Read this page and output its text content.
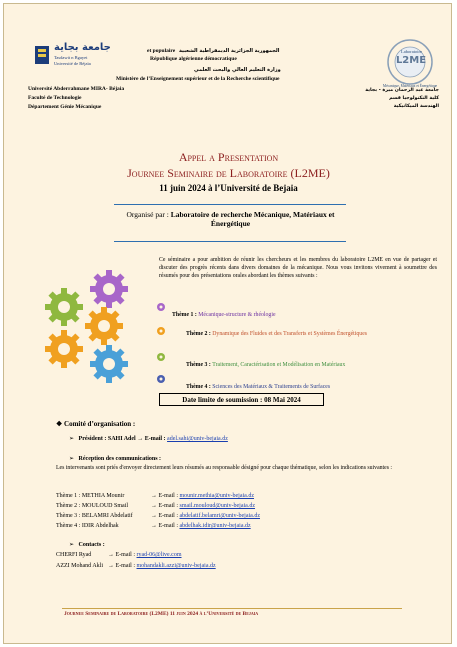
جامعة بجاية
Tasdawit n Bgayet
Université de Béjaïa
الجمهورية الجزائرية الديمقراطية الشعبية
et populaire
République algérienne démocratique
وزارة التعليم العالي والبحث العلمي
Ministère de l’Enseignement supérieur et de la Recherche scientifique
Université Abderrahmane MIRA- Béjaia
Faculté de Technologie
Département Génie Mécanique
جامعة عبد الرحمان ميرة - بجاية
كلية التكنولوجيا قسم
الهندسة الميكانيكية
Laboratoire
L2ME
Mécanique, Matériaux et Énergétique
Appel a Presentation
Journee Seminaire de Laboratoire (L2ME)
11 juin 2024 à l’Université de Bejaia
Organisé par : Laboratoire de recherche Mécanique, Matériaux et
Énergétique
Ce séminaire a pour ambition de réunir les chercheurs et les membres du laboratoire L2ME en vue de partager et discuter des progrès récents dans divers domaines de la mécanique. Nous vous invitons vivement à soumettre des résumés pour des présentations orales abordant les thèmes suivants :
Thème 1 : Mécanique-structure & rhéologie
Thème 2 : Dynamique des Fluides et des Transferts et Systèmes Énergétiques
Thème 3 : Traitement, Caractérisation et Modélisation en Matériaux
Thème 4 : Sciences des Matériaux & Traitements de Surfaces
Date limite de soumission : 08 Mai 2024
❖ Comité d’organisation :
➢   Président : SAHI Adel → E-mail : adel.sahi@univ-bejaia.dz
➢   Réception des communications :
Les intervenants sont priés d'envoyer directement leurs résumés au responsable désigné pour chaque thématique, selon les indications suivantes :
Thème 1 : METHIA Mounir	→ E-mail : mounir.methia@univ-bejaia.dz
Thème 2 : MOULOUD Smail	→ E-mail : smail.mouloud@univ-bejaia.dz
Thème 3 : BELAMRI Abdelatif	→ E-mail : abdelatif.belamri@univ-bejaia.dz
Thème 4 : IDIR Abdelhak	→ E-mail : abdelhak.idir@univ-bejaia.dz
➢   Contacts :
CHERFI Ryad	→ E-mail : ryad-06@live.com
AZZI Mohand Akli → E-mail : mohandakli.azzi@univ-bejaia.dz
Journee Seminaire de Laboratoire (L2ME) 11 juin 2024 à l’Université de Bejaia
